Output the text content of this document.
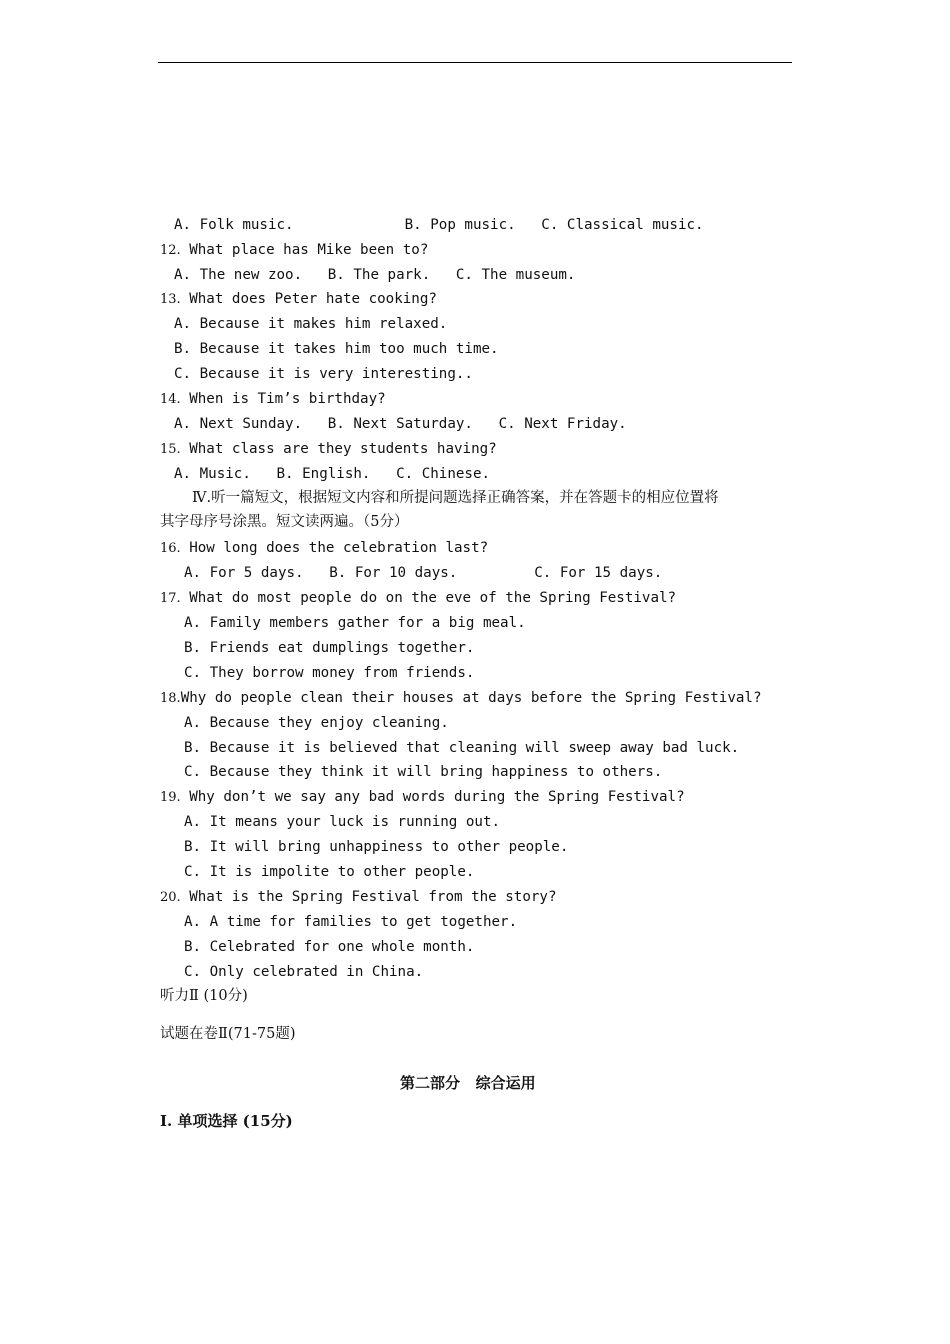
A. Folk music.             B. Pop music.   C. Classical music.
12. What place has Mike been to?
A. The new zoo.   B. The park.   C. The museum.
13. What does Peter hate cooking?
A. Because it makes him relaxed.
B. Because it takes him too much time.
C. Because it is very interesting..
14. When is Tim’s birthday?
A. Next Sunday.   B. Next Saturday.   C. Next Friday.
15. What class are they students having?
A. Music.   B. English.   C. Chinese.
Ⅳ.听一篇短文，根据短文内容和所提问题选择正确答案，并在答题卡的相应位置将
其字母序号涂黑。短文读两遍。（5分）
16. How long does the celebration last?
A. For 5 days.   B. For 10 days.         C. For 15 days.
17. What do most people do on the eve of the Spring Festival?
A. Family members gather for a big meal.
B. Friends eat dumplings together.
C. They borrow money from friends.
18.Why do people clean their houses at days before the Spring Festival?
A. Because they enjoy cleaning.
B. Because it is believed that cleaning will sweep away bad luck.
C. Because they think it will bring happiness to others.
19. Why don’t we say any bad words during the Spring Festival?
A. It means your luck is running out.
B. It will bring unhappiness to other people.
C. It is impolite to other people.
20. What is the Spring Festival from the story?
A. A time for families to get together.
B. Celebrated for one whole month.
C. Only celebrated in China.
听力Ⅱ (10分)
试题在卷Ⅱ(71-75题)
第二部分   综合运用
Ⅰ. 单项选择 (15分)
